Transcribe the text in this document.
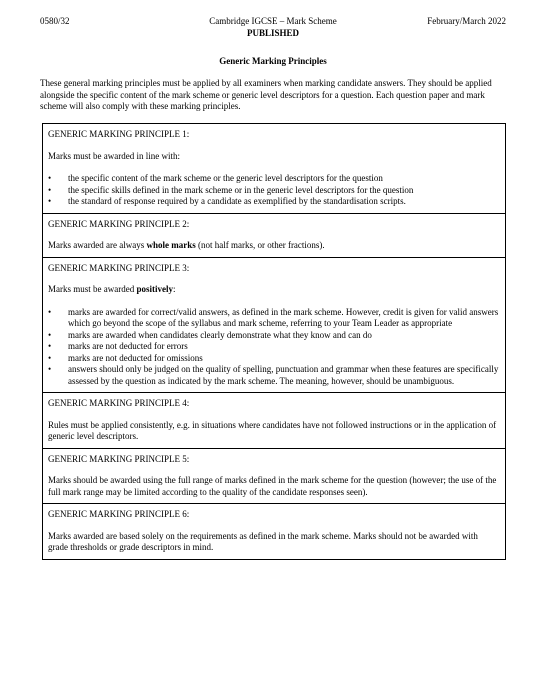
0580/32	Cambridge IGCSE – Mark Scheme
PUBLISHED
February/March 2022
Generic Marking Principles

These general marking principles must be applied by all examiners when marking candidate answers. They should be applied alongside the specific content of the mark scheme or generic level descriptors for a question. Each question paper and mark scheme will also comply with these marking principles.

GENERIC MARKING PRINCIPLE 1:

Marks must be awarded in line with:

• the specific content of the mark scheme or the generic level descriptors for the question
• the specific skills defined in the mark scheme or in the generic level descriptors for the question
• the standard of response required by a candidate as exemplified by the standardisation scripts.

GENERIC MARKING PRINCIPLE 2:

Marks awarded are always whole marks (not half marks, or other fractions).

GENERIC MARKING PRINCIPLE 3:

Marks must be awarded positively:

• marks are awarded for correct/valid answers, as defined in the mark scheme. However, credit is given for valid answers which go beyond the scope of the syllabus and mark scheme, referring to your Team Leader as appropriate
• marks are awarded when candidates clearly demonstrate what they know and can do
• marks are not deducted for errors
• marks are not deducted for omissions
• answers should only be judged on the quality of spelling, punctuation and grammar when these features are specifically assessed by the question as indicated by the mark scheme. The meaning, however, should be unambiguous.

GENERIC MARKING PRINCIPLE 4:

Rules must be applied consistently, e.g. in situations where candidates have not followed instructions or in the application of generic level descriptors.

GENERIC MARKING PRINCIPLE 5:

Marks should be awarded using the full range of marks defined in the mark scheme for the question (however; the use of the full mark range may be limited according to the quality of the candidate responses seen).

GENERIC MARKING PRINCIPLE 6:

Marks awarded are based solely on the requirements as defined in the mark scheme. Marks should not be awarded with grade thresholds or grade descriptors in mind.
